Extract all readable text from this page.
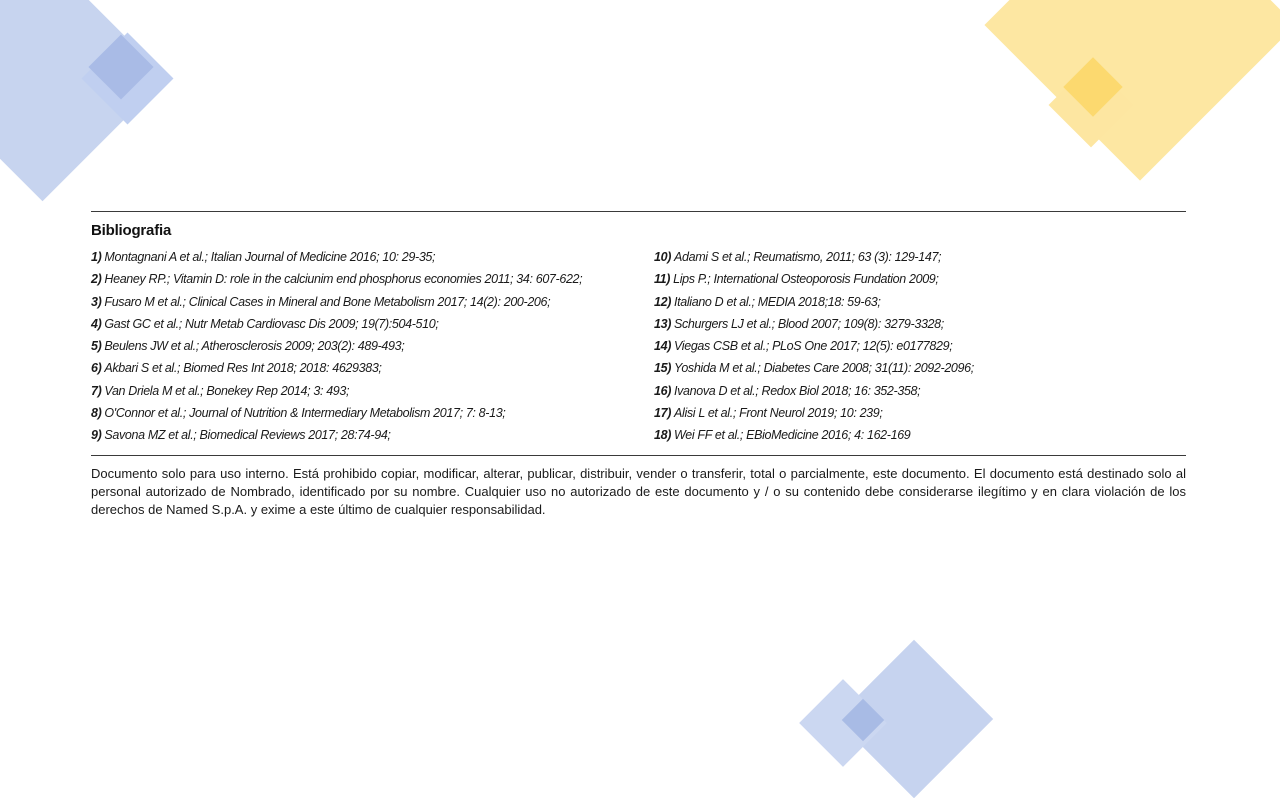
Bibliografia
1) Montagnani A et al.; Italian Journal of Medicine 2016; 10: 29-35;
2) Heaney RP.; Vitamin D: role in the calciunim end phosphorus economies 2011; 34: 607-622;
3) Fusaro M et al.; Clinical Cases in Mineral and Bone Metabolism 2017; 14(2): 200-206;
4) Gast GC et al.; Nutr Metab Cardiovasc Dis 2009; 19(7):504-510;
5) Beulens JW et al.; Atherosclerosis 2009; 203(2): 489-493;
6) Akbari S et al.; Biomed Res Int 2018; 2018: 4629383;
7) Van Driela M et al.; Bonekey Rep 2014; 3: 493;
8) O'Connor et al.; Journal of Nutrition & Intermediary Metabolism 2017; 7: 8-13;
9) Savona MZ et al.; Biomedical Reviews 2017; 28:74-94;
10) Adami S et al.; Reumatismo, 2011; 63 (3): 129-147;
11) Lips P.; International Osteoporosis Fundation 2009;
12) Italiano D et al.; MEDIA 2018;18: 59-63;
13) Schurgers LJ et al.; Blood 2007; 109(8): 3279-3328;
14) Viegas CSB et al.; PLoS One 2017; 12(5): e0177829;
15) Yoshida M et al.; Diabetes Care 2008; 31(11): 2092-2096;
16) Ivanova D et al.; Redox Biol 2018; 16: 352-358;
17) Alisi L et al.; Front Neurol 2019; 10: 239;
18) Wei FF et al.; EBioMedicine 2016; 4: 162-169

Documento solo para uso interno. Está prohibido copiar, modificar, alterar, publicar, distribuir, vender o transferir, total o parcialmente, este documento. El documento está destinado solo al personal autorizado de Nombrado, identificado por su nombre. Cualquier uso no autorizado de este documento y / o su contenido debe considerarse ilegítimo y en clara violación de los derechos de Named S.p.A. y exime a este último de cualquier responsabilidad.
